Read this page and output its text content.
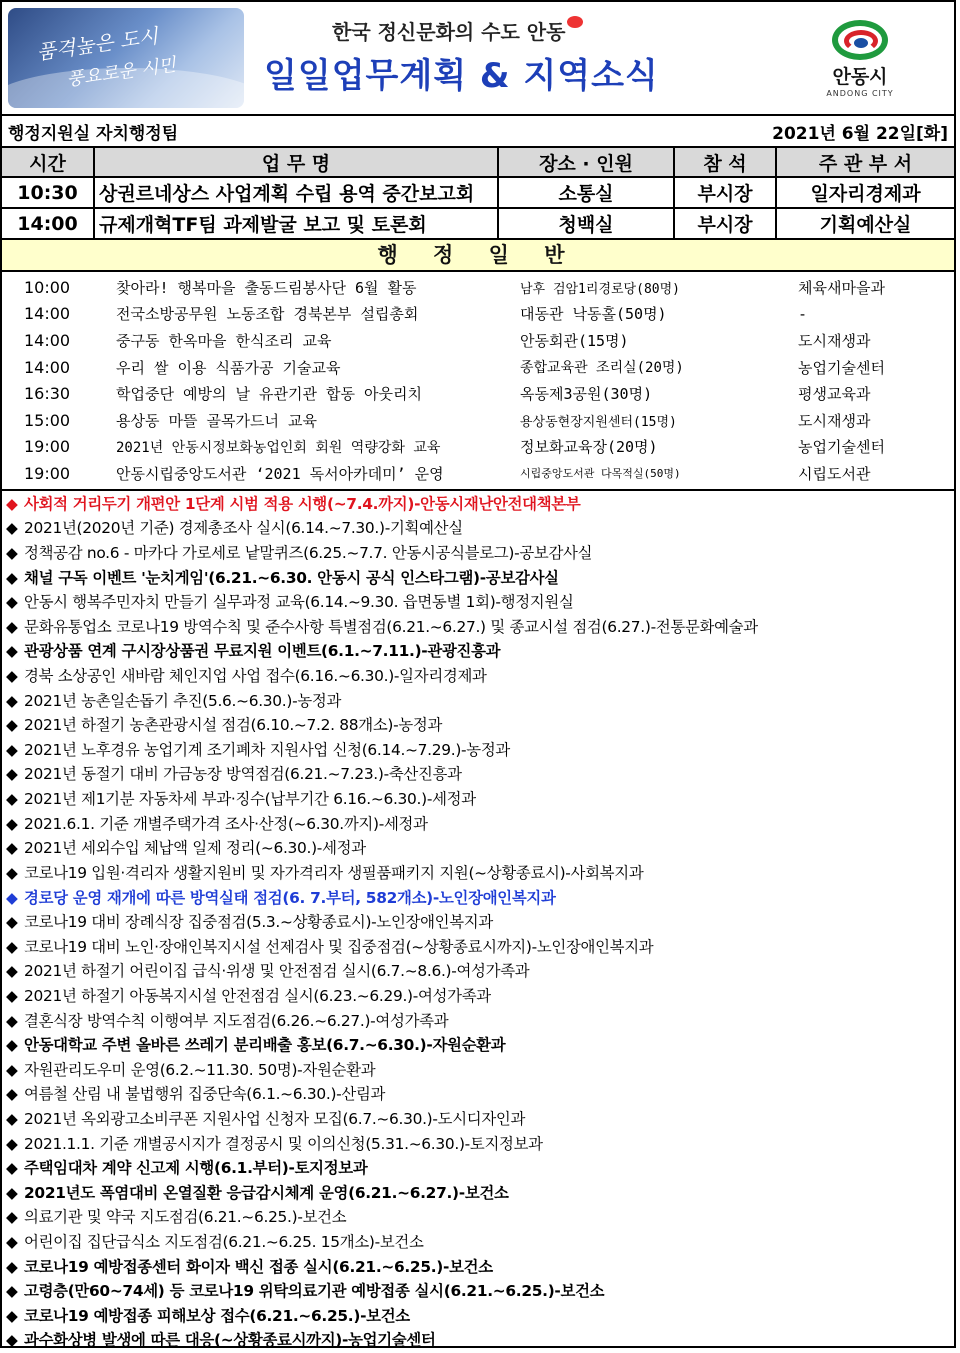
품격높은 도시
풍요로운 시민
한국 정신문화의 수도 안동
일일업무계획 & 지역소식	안동시
ANDONG CITY
행정지원실 자치행정팀	2021년 6월 22일[화]
시간	업 무 명	장소 · 인원	참 석	주 관 부 서
10:30	상권르네상스 사업계획 수립 용역 중간보고회	소통실	부시장	일자리경제과
14:00	규제개혁TF팀 과제발굴 보고 및 토론회	청백실	부시장	기획예산실
행 정 일 반
10:00	찾아라! 행복마을 출동드림봉사단 6월 활동	남후 검암1리경로당(80명)	체육새마을과
14:00	전국소방공무원 노동조합 경북본부 설립총회	대동관 낙동홀(50명)	-
14:00	중구동 한옥마을 한식조리 교육	안동회관(15명)	도시재생과
14:00	우리 쌀 이용 식품가공 기술교육	종합교육관 조리실(20명)	농업기술센터
16:30	학업중단 예방의 날 유관기관 합동 아웃리치	옥동제3공원(30명)	평생교육과
15:00	용상동 마뜰 골목가드너 교육	용상동현장지원센터(15명)	도시재생과
19:00	2021년 안동시정보화농업인회 회원 역량강화 교육	정보화교육장(20명)	농업기술센터
19:00	안동시립중앙도서관 ‘2021 독서아카데미’ 운영	시립중앙도서관 다목적실(50명)	시립도서관
◆ 사회적 거리두기 개편안 1단계 시범 적용 시행(~7.4.까지)-안동시재난안전대책본부
◆ 2021년(2020년 기준) 경제총조사 실시(6.14.~7.30.)-기획예산실
◆ 정책공감 no.6 - 마카다 가로세로 낱말퀴즈(6.25.~7.7. 안동시공식블로그)-공보감사실
◆ 채널 구독 이벤트 '눈치게임'(6.21.~6.30. 안동시 공식 인스타그램)-공보감사실
◆ 안동시 행복주민자치 만들기 실무과정 교육(6.14.~9.30. 읍면동별 1회)-행정지원실
◆ 문화유통업소 코로나19 방역수칙 및 준수사항 특별점검(6.21.~6.27.) 및 종교시설 점검(6.27.)-전통문화예술과
◆ 관광상품 연계 구시장상품권 무료지원 이벤트(6.1.~7.11.)-관광진흥과
◆ 경북 소상공인 새바람 체인지업 사업 접수(6.16.~6.30.)-일자리경제과
◆ 2021년 농촌일손돕기 추진(5.6.~6.30.)-농정과
◆ 2021년 하절기 농촌관광시설 점검(6.10.~7.2. 88개소)-농정과
◆ 2021년 노후경유 농업기계 조기폐차 지원사업 신청(6.14.~7.29.)-농정과
◆ 2021년 동절기 대비 가금농장 방역점검(6.21.~7.23.)-축산진흥과
◆ 2021년 제1기분 자동차세 부과·징수(납부기간 6.16.~6.30.)-세정과
◆ 2021.6.1. 기준 개별주택가격 조사·산정(~6.30.까지)-세정과
◆ 2021년 세외수입 체납액 일제 정리(~6.30.)-세정과
◆ 코로나19 입원·격리자 생활지원비 및 자가격리자 생필품패키지 지원(~상황종료시)-사회복지과
◆ 경로당 운영 재개에 따른 방역실태 점검(6. 7.부터, 582개소)-노인장애인복지과
◆ 코로나19 대비 장례식장 집중점검(5.3.~상황종료시)-노인장애인복지과
◆ 코로나19 대비 노인·장애인복지시설 선제검사 및 집중점검(~상황종료시까지)-노인장애인복지과
◆ 2021년 하절기 어린이집 급식·위생 및 안전점검 실시(6.7.~8.6.)-여성가족과
◆ 2021년 하절기 아동복지시설 안전점검 실시(6.23.~6.29.)-여성가족과
◆ 결혼식장 방역수칙 이행여부 지도점검(6.26.~6.27.)-여성가족과
◆ 안동대학교 주변 올바른 쓰레기 분리배출 홍보(6.7.~6.30.)-자원순환과
◆ 자원관리도우미 운영(6.2.~11.30. 50명)-자원순환과
◆ 여름철 산림 내 불법행위 집중단속(6.1.~6.30.)-산림과
◆ 2021년 옥외광고소비쿠폰 지원사업 신청자 모집(6.7.~6.30.)-도시디자인과
◆ 2021.1.1. 기준 개별공시지가 결정공시 및 이의신청(5.31.~6.30.)-토지정보과
◆ 주택임대차 계약 신고제 시행(6.1.부터)-토지정보과
◆ 2021년도 폭염대비 온열질환 응급감시체계 운영(6.21.~6.27.)-보건소
◆ 의료기관 및 약국 지도점검(6.21.~6.25.)-보건소
◆ 어린이집 집단급식소 지도점검(6.21.~6.25. 15개소)-보건소
◆ 코로나19 예방접종센터 화이자 백신 접종 실시(6.21.~6.25.)-보건소
◆ 고령층(만60~74세) 등 코로나19 위탁의료기관 예방접종 실시(6.21.~6.25.)-보건소
◆ 코로나19 예방접종 피해보상 접수(6.21.~6.25.)-보건소
◆ 과수화상병 발생에 따른 대응(~상황종료시까지)-농업기술센터
